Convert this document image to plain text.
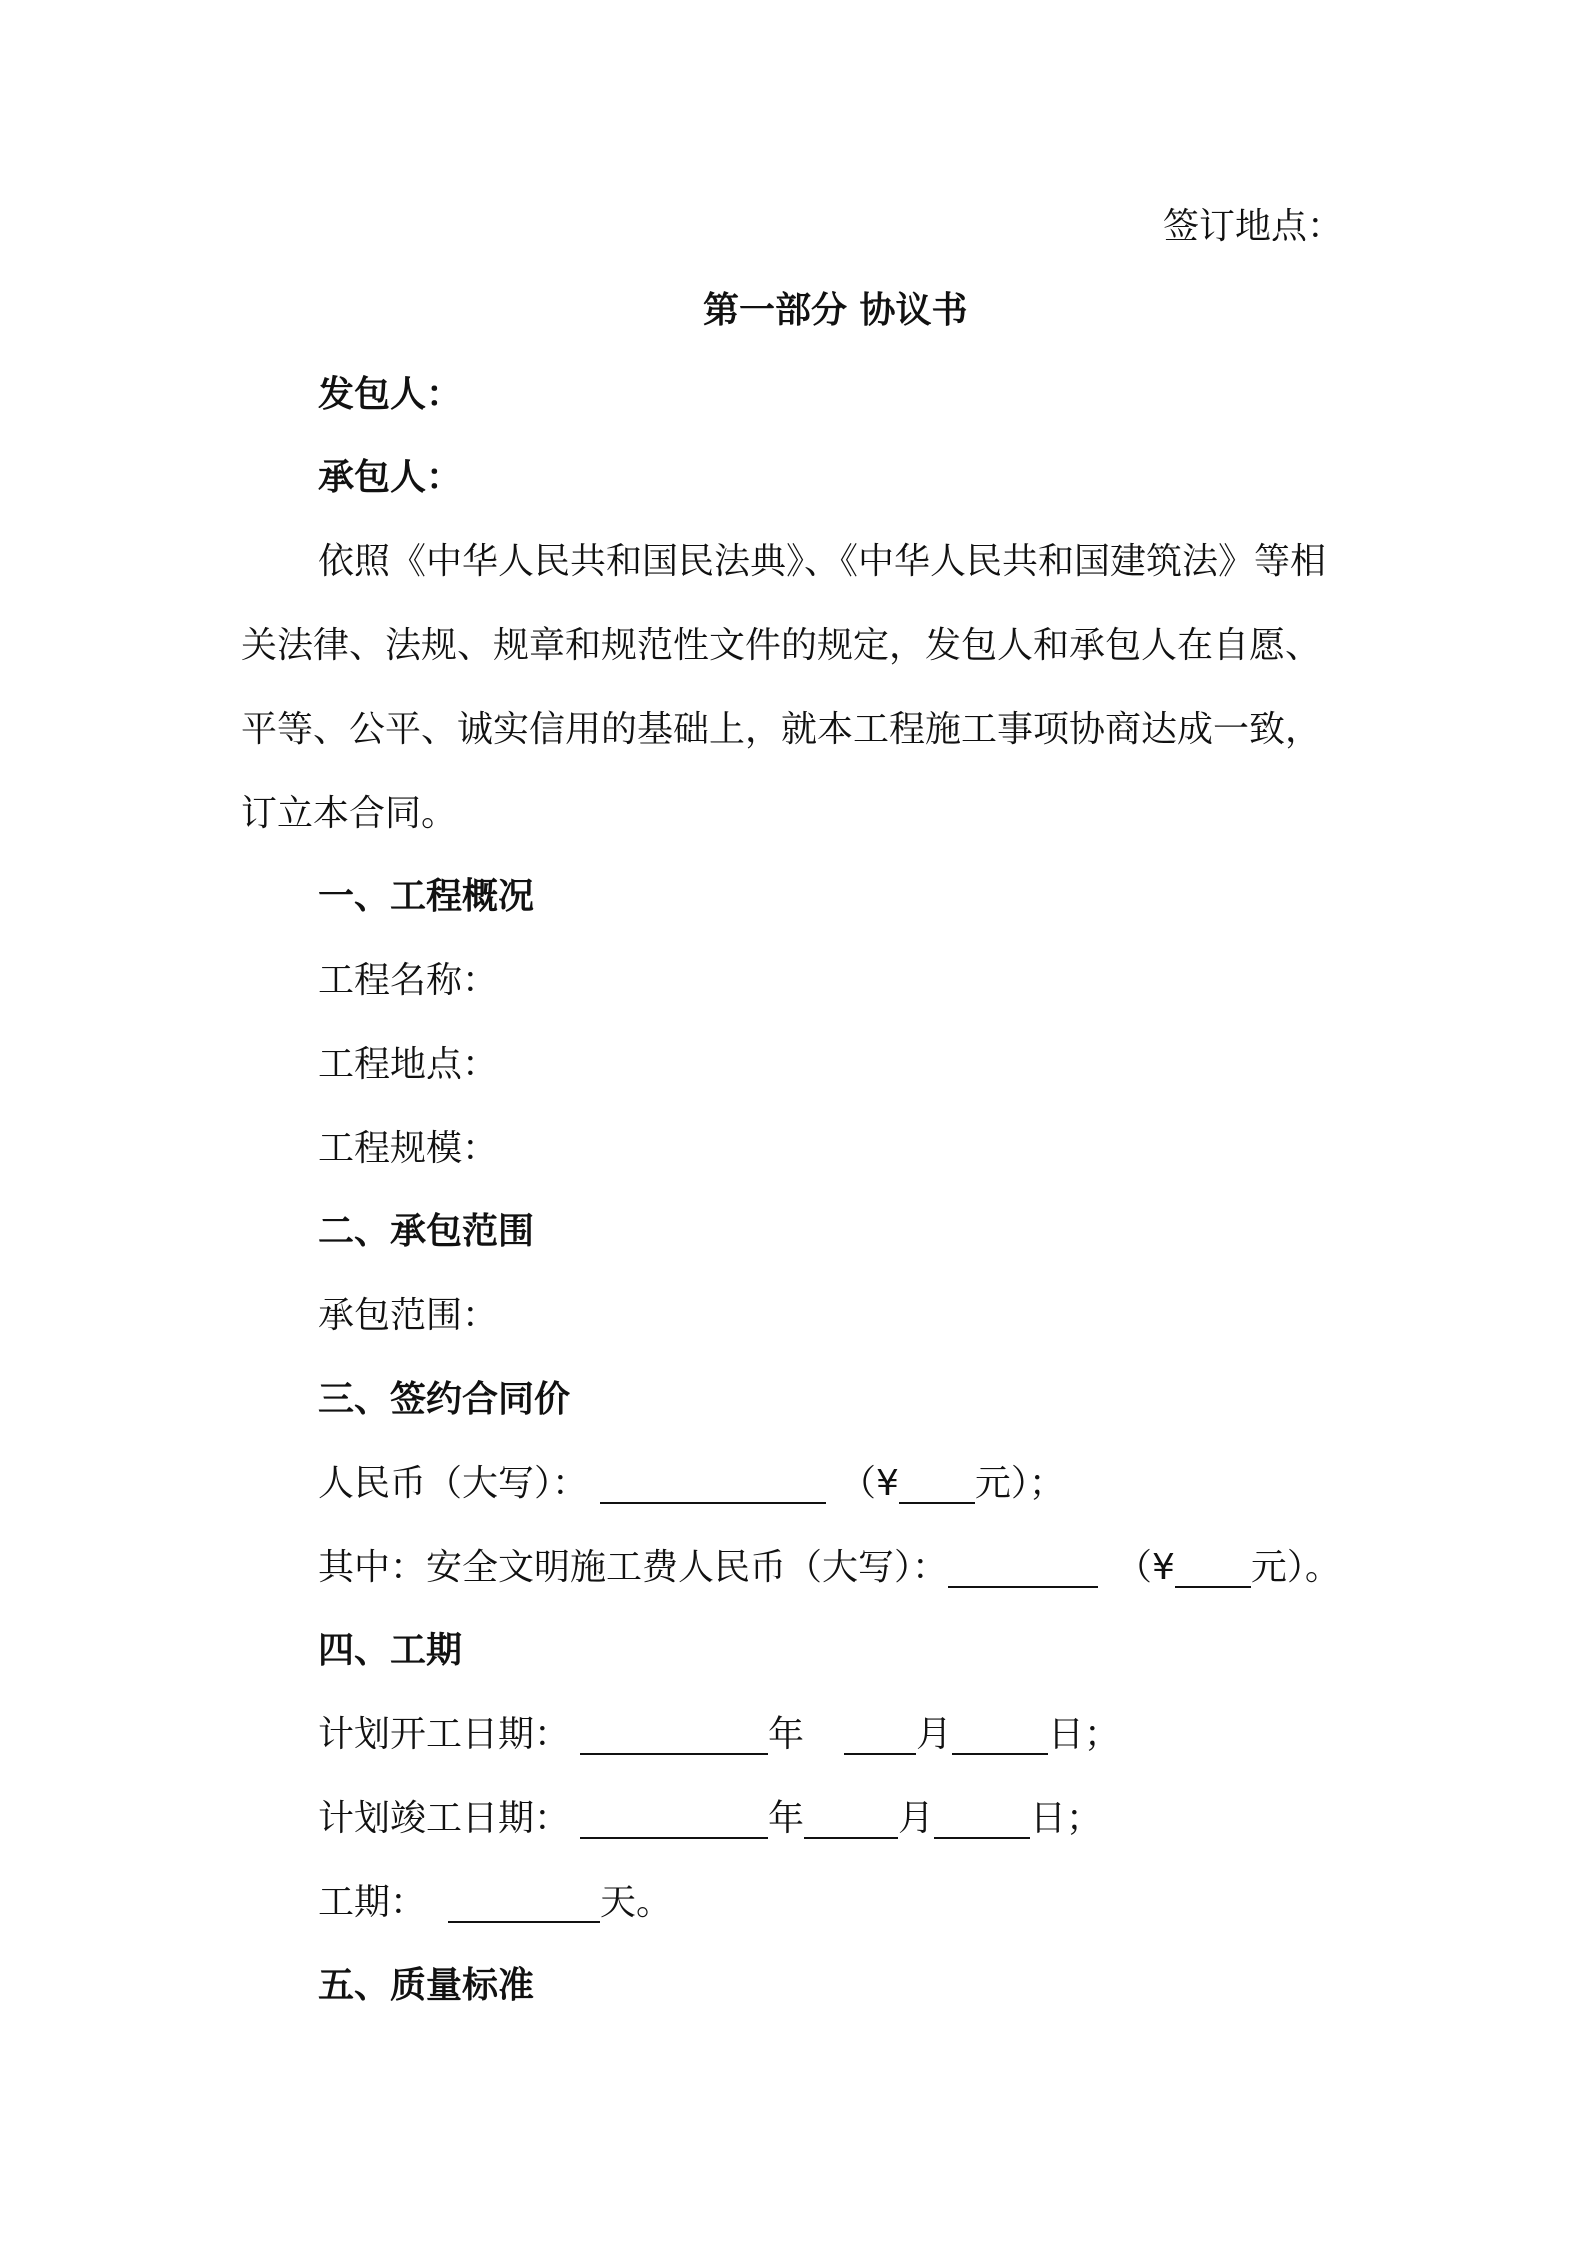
签订地点：
第一部分 协议书
发包人：
承包人：
依照《中华人民共和国民法典》、《中华人民共和国建筑法》等相
关法律、法规、规章和规范性文件的规定，发包人和承包人在自愿、
平等、公平、诚实信用的基础上，就本工程施工事项协商达成一致，
订立本合同。
一、工程概况
工程名称：
工程地点：
工程规模：
二、承包范围
承包范围：
三、签约合同价
人民币（大写）：	（¥ 元）；
其中：安全文明施工费人民币（大写）：	（¥ 元）。
四、工期
计划开工日期：	年	月	日；
计划竣工日期：	年	月	日；
工期：	天。
五、质量标准
